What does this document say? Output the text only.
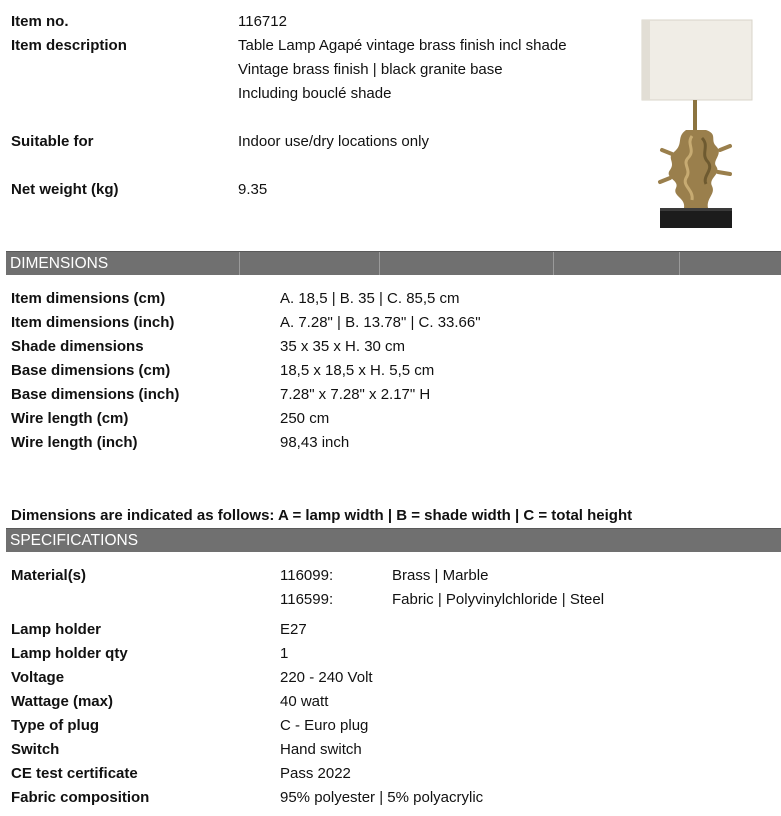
Item no.	116712
Item description	Table Lamp Agapé vintage brass finish incl shade
Vintage brass finish | black granite base
Including bouclé shade
Suitable for	Indoor use/dry locations only
Net weight (kg)	9.35
DIMENSIONS
Item dimensions (cm)	A. 18,5 | B. 35 | C. 85,5 cm
Item dimensions (inch)	A. 7.28" | B. 13.78" | C. 33.66"
Shade dimensions	35 x 35 x H. 30 cm
Base dimensions (cm)	18,5 x 18,5 x H. 5,5 cm
Base dimensions (inch)	7.28" x 7.28" x 2.17" H
Wire length (cm)	250 cm
Wire length (inch)	98,43 inch
Dimensions are indicated as follows: A = lamp width | B = shade width | C = total height
SPECIFICATIONS
Material(s)	116099:	Brass | Marble
116599:	Fabric | Polyvinylchloride | Steel
Lamp holder	E27
Lamp holder qty	1
Voltage	220 - 240 Volt
Wattage (max)	40 watt
Type of plug	C - Euro plug
Switch	Hand switch
CE test certificate	Pass 2022
Fabric composition	95% polyester | 5% polyacrylic
